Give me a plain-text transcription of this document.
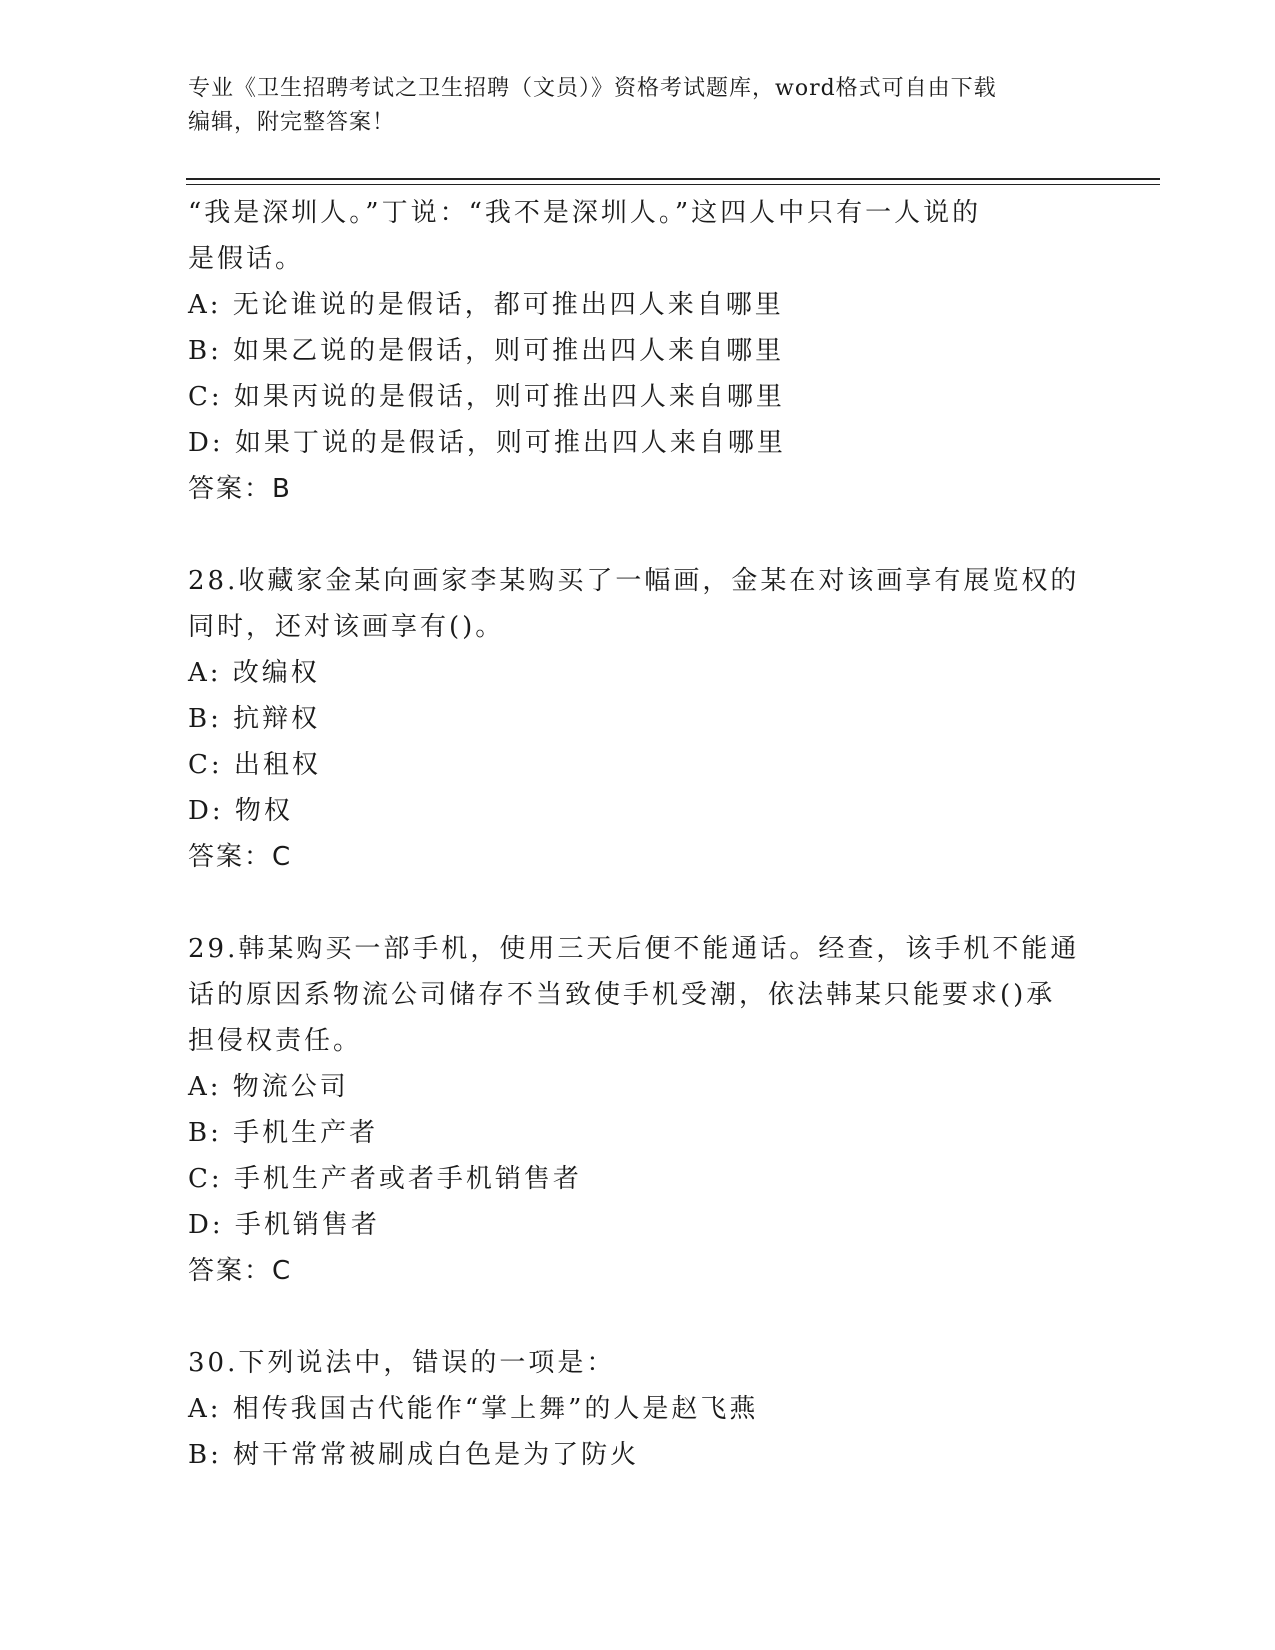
专业《卫生招聘考试之卫生招聘（文员）》资格考试题库，word格式可自由下载
编辑，附完整答案！
“我是深圳人。”丁说：“我不是深圳人。”这四人中只有一人说的
是假话。
A: 无论谁说的是假话，都可推出四人来自哪里
B: 如果乙说的是假话，则可推出四人来自哪里
C: 如果丙说的是假话，则可推出四人来自哪里
D: 如果丁说的是假话，则可推出四人来自哪里
答案：B
28.收藏家金某向画家李某购买了一幅画，金某在对该画享有展览权的
同时，还对该画享有()。
A: 改编权
B: 抗辩权
C: 出租权
D: 物权
答案：C
29.韩某购买一部手机，使用三天后便不能通话。经查，该手机不能通
话的原因系物流公司储存不当致使手机受潮，依法韩某只能要求()承
担侵权责任。
A: 物流公司
B: 手机生产者
C: 手机生产者或者手机销售者
D: 手机销售者
答案：C
30.下列说法中，错误的一项是：
A: 相传我国古代能作“掌上舞”的人是赵飞燕
B: 树干常常被刷成白色是为了防火
